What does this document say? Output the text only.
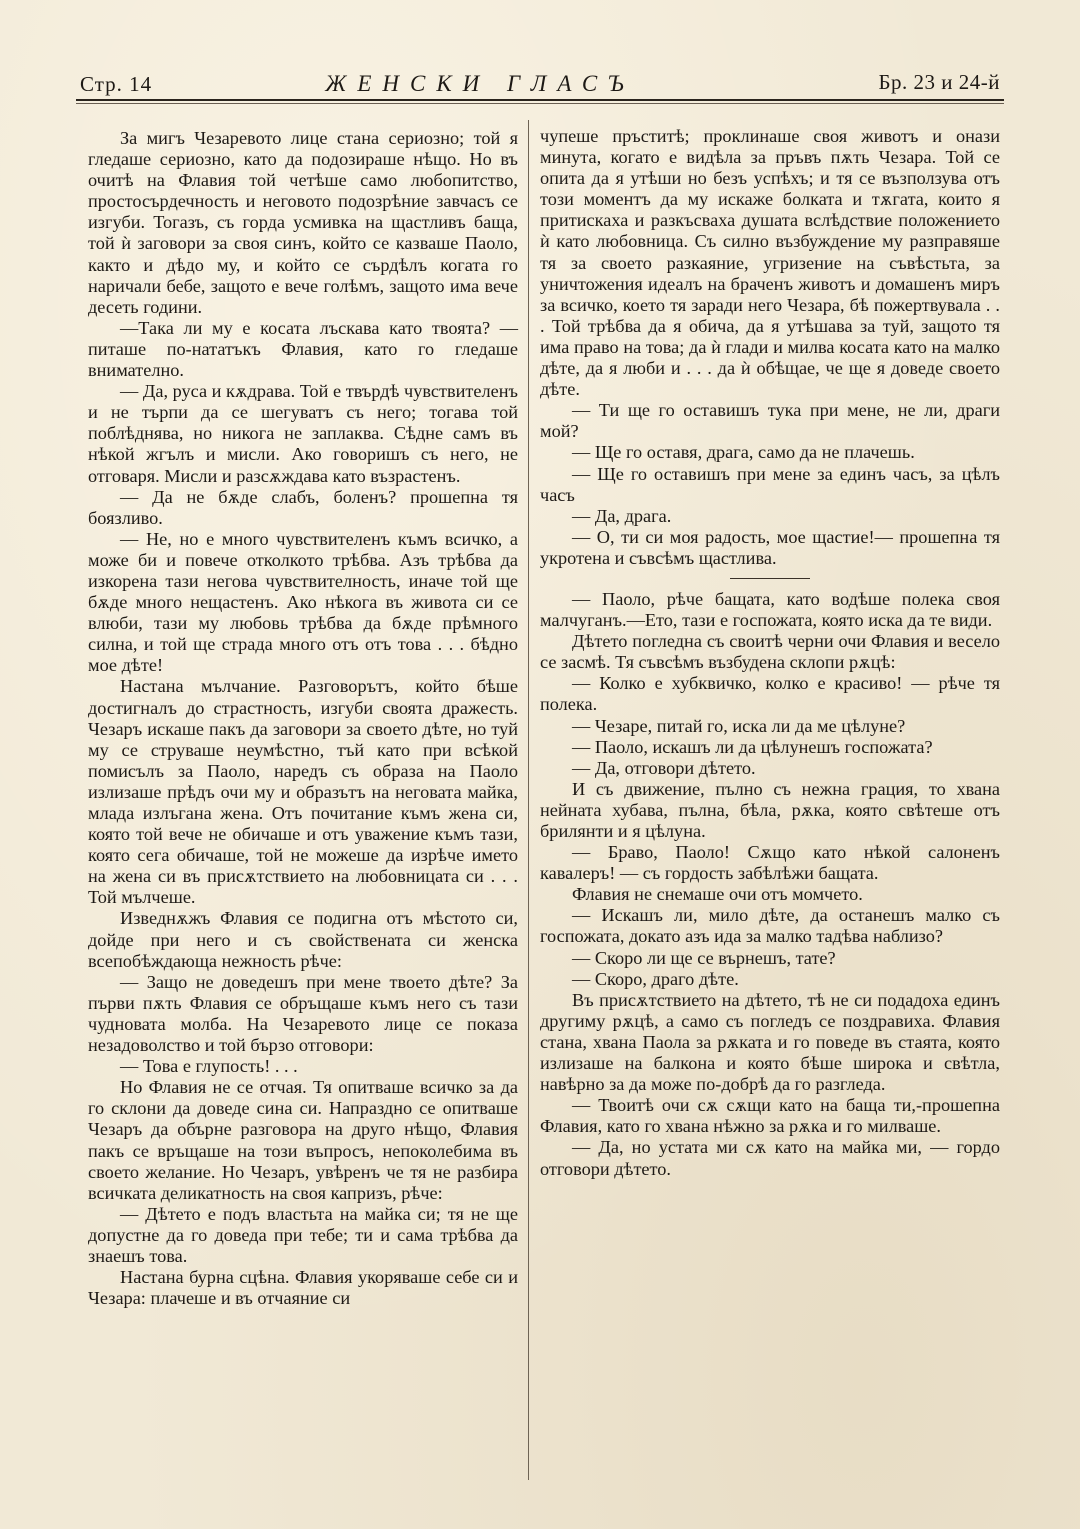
Стр. 14	ЖЕНСКИ ГЛАСЪ	Бр. 23 и 24-й

За мигъ Чезаревото лице стана сериозно; той я гледаше сериозно, като да подозираше нѣщо. Но въ очитѣ на Флавия той четѣше само любопитство, простосърдечность и неговото подозрѣние завчасъ се изгуби. Тогазъ, съ горда усмивка на щастливъ баща, той ѝ заговори за своя синъ, който се казваше Паоло, както и дѣдо му, и който се сърдѣлъ когата го наричали бебе, защото е вече голѣмъ, защото има вече десеть години.

—Така ли му е косата лъскава като твоята? — питаше по-нататъкъ Флавия, като го гледаше внимателно.

— Да, руса и кѫдрава. Той е твърдѣ чувствителенъ и не търпи да се шегуватъ съ него; тогава той поблѣднява, но никога не заплаква. Сѣдне самъ въ нѣкой жгълъ и мисли. Ако говоришъ съ него, не отговаря. Мисли и разсѫждава като възрастенъ.

— Да не бѫде слабъ, боленъ? прошепна тя боязливо.

— Не, но е много чувствителенъ къмъ всичко, а може би и повече отколкото трѣбва. Азъ трѣбва да изкорена тази негова чувствителность, иначе той ще бѫде много нещастенъ. Ако нѣкога въ живота си се влюби, тази му любовь трѣбва да бѫде прѣмного силна, и той ще страда много отъ отъ това . . . бѣдно мое дѣте!

Настана мълчание. Разговорътъ, който бѣше достигналъ до страстность, изгуби своята дражесть. Чезаръ искаше пакъ да заговори за своето дѣте, но туй му се струваше неумѣстно, тъй като при всѣкой помисълъ за Паоло, наредъ съ образа на Паоло излизаше прѣдъ очи му и образътъ на неговата майка, млада излъгана жена. Отъ почитание къмъ жена си, която той вече не обичаше и отъ уважение къмъ тази, която сега обичаше, той не можеше да изрѣче името на жена си въ присѫтствието на любовницата си . . . Той мълчеше.

Изведнѫжъ Флавия се подигна отъ мѣстото си, дойде при него и съ свойствената си женска всепобѣждающа нежность рѣче:

— Защо не доведешъ при мене твоето дѣте? За първи пѫть Флавия се обръщаше къмъ него съ тази чудновата молба. На Чезаревото лице се показа незадоволство и той бързо отговори:

— Това е глупость! . . .

Но Флавия не се отчая. Тя опитваше всичко за да го склони да доведе сина си. Напраздно се опитваше Чезаръ да обърне разговора на друго нѣщо, Флавия пакъ се връщаше на този въпросъ, непоколебима въ своето желание. Но Чезаръ, увѣренъ че тя не разбира всичката деликатность на своя капризъ, рѣче:

— Дѣтето е подъ властьта на майка си; тя не ще допустне да го доведа при тебе; ти и сама трѣбва да знаешъ това.

Настана бурна сцѣна. Флавия укоряваше себе си и Чезара: плачеше и въ отчаяние си

чупеше пръститѣ; проклинаше своя животъ и онази минута, когато е видѣла за пръвъ пѫть Чезара. Той се опита да я утѣши но безъ успѣхъ; и тя се възползува отъ този моментъ да му искаже болката и тѫгата, които я притискаха и разкъсваха душата вслѣдствие положението ѝ като любовница. Съ силно възбуждение му разправяше тя за своето разкаяние, угризение на съвѣстьта, за уничтожения идеалъ на браченъ животъ и домашенъ миръ за всичко, което тя заради него Чезара, бѣ пожертвувала . . . Той трѣбва да я обича, да я утѣшава за туй, защото тя има право на това; да ѝ глади и милва косата като на малко дѣте, да я люби и . . . да ѝ обѣщае, че ще я доведе своето дѣте.

— Ти ще го оставишъ тука при мене, не ли, драги мой?

— Ще го оставя, драга, само да не плачешь.

— Ще го оставишъ при мене за единъ часъ, за цѣлъ часъ

— Да, драга.

— О, ти си моя радость, мое щастие!— прошепна тя укротена и съвсѣмъ щастлива.

— Паоло, рѣче бащата, като водѣше полека своя малчуганъ.—Ето, тази е госпожата, която иска да те види.

Дѣтето погледна съ своитѣ черни очи Флавия и весело се засмѣ. Тя съвсѣмъ възбудена склопи рѫцѣ:

— Колко е хубквичко, колко е красиво! — рѣче тя полека.

— Чезаре, питай го, иска ли да ме цѣлуне?

— Паоло, искашъ ли да цѣлунешъ госпожата?

— Да, отговори дѣтето.

И съ движение, пълно съ нежна грация, то хвана нейната хубава, пълна, бѣла, рѫка, която свѣтеше отъ брилянти и я цѣлуна.

— Браво, Паоло! Сѫщо като нѣкой салоненъ кавалеръ! — съ гордость забѣлѣжи бащата.

Флавия не снемаше очи отъ момчето.

— Искашъ ли, мило дѣте, да останешъ малко съ госпожата, докато азъ ида за малко тадѣва наблизо?

— Скоро ли ще се върнешъ, тате?

— Скоро, драго дѣте.

Въ присѫтствието на дѣтето, тѣ не си подадоха единъ другиму рѫцѣ, а само съ погледъ се поздравиха. Флавия стана, хвана Паола за рѫката и го поведе въ стаята, която излизаше на балкона и която бѣше широка и свѣтла, навѣрно за да може по-добрѣ да го разгледа.

— Твоитѣ очи сѫ сѫщи като на баща ти,-прошепна Флавия, като го хвана нѣжно за рѫка и го милваше.

— Да, но устата ми сѫ като на майка ми, — гордо отговори дѣтето.
